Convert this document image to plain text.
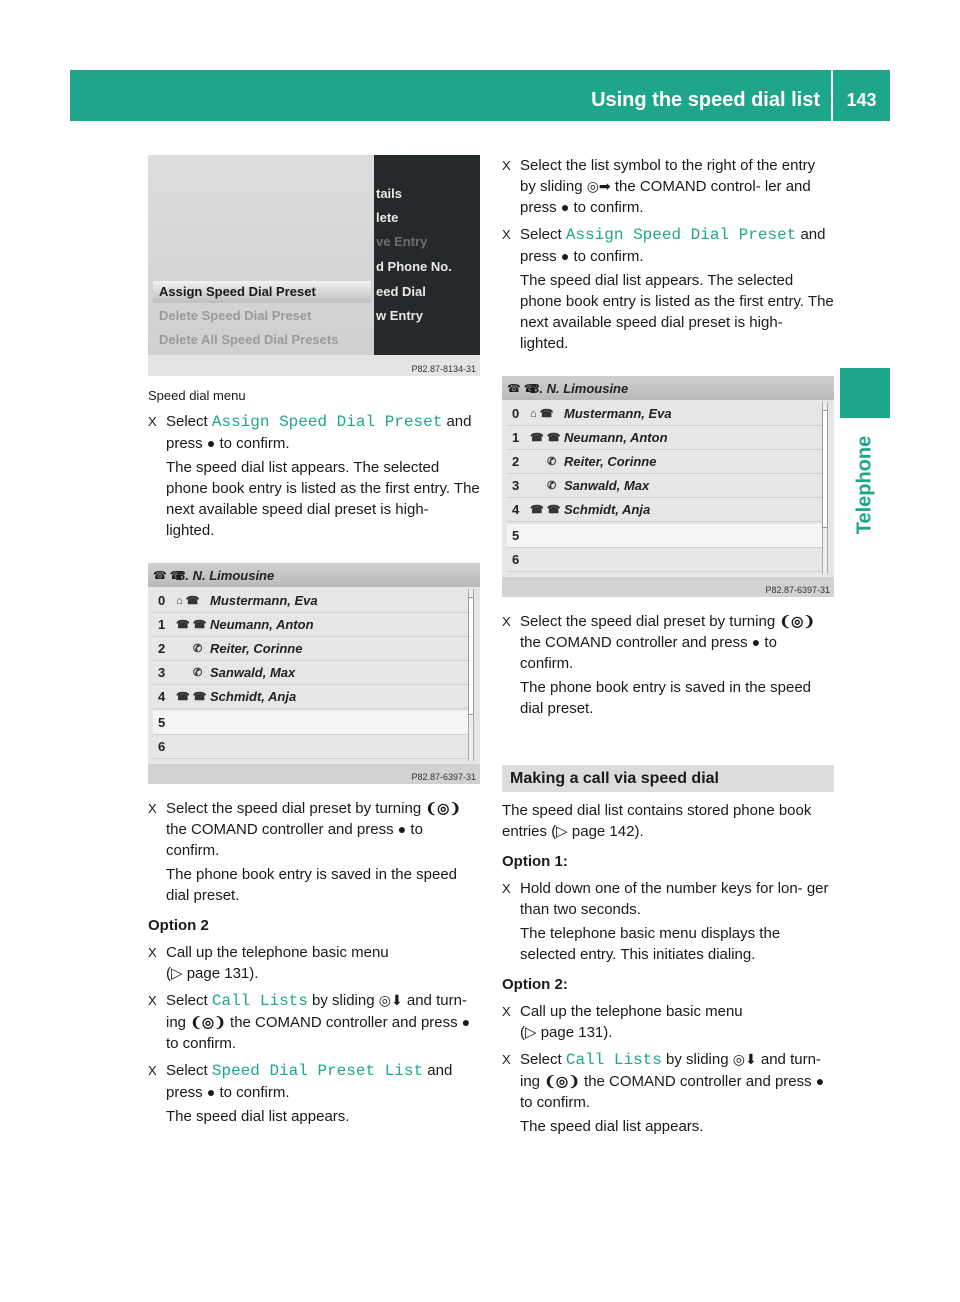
Using the speed dial list	143
Telephone
tails
lete
ve Entry
d Phone No.
eed Dial
w Entry
Assign Speed Dial Preset
Delete Speed Dial Preset
Delete All Speed Dial Presets
P82.87-8134-31
Speed dial menu
X Select Assign Speed Dial Preset and
press ● to confirm.
The speed dial list appears. The selected phone book entry is listed as the first entry. The next available speed dial preset is high- lighted.
B. N. Limousine
☎ ☎
0 ⌂ ☎ Mustermann, Eva
1 ☎ ☎ Neumann, Anton
2	✆ Reiter, Corinne
3	✆ Sanwald, Max
4 ☎ ☎ Schmidt, Anja
5
6
P82.87-6397-31
X Select the speed dial preset by turning ❨◎❩ the COMAND controller and press ● to confirm.
The phone book entry is saved in the speed dial preset.
Option 2
X Call up the telephone basic menu
(▷ page 131).
X Select Call Lists by sliding ◎⬇ and turn- ing ❨◎❩ the COMAND controller and press ● to confirm.
X Select Speed Dial Preset List and
press ● to confirm.
The speed dial list appears.
X Select the list symbol to the right of the entry by sliding ◎➡ the COMAND control- ler and press ● to confirm.
X Select Assign Speed Dial Preset and
press ● to confirm.
The speed dial list appears. The selected phone book entry is listed as the first entry. The next available speed dial preset is high- lighted.
B. N. Limousine
☎ ☎
0 ⌂ ☎ Mustermann, Eva
1 ☎ ☎ Neumann, Anton
2	✆ Reiter, Corinne
3	✆ Sanwald, Max
4 ☎ ☎ Schmidt, Anja
5
6
P82.87-6397-31
X Select the speed dial preset by turning ❨◎❩ the COMAND controller and press ● to confirm.
The phone book entry is saved in the speed dial preset.
Making a call via speed dial
The speed dial list contains stored phone book entries (▷ page 142).
Option 1:
X Hold down one of the number keys for lon- ger than two seconds.
The telephone basic menu displays the selected entry. This initiates dialing.
Option 2:
X Call up the telephone basic menu
(▷ page 131).
X Select Call Lists by sliding ◎⬇ and turn- ing ❨◎❩ the COMAND controller and press ● to confirm.
The speed dial list appears.
